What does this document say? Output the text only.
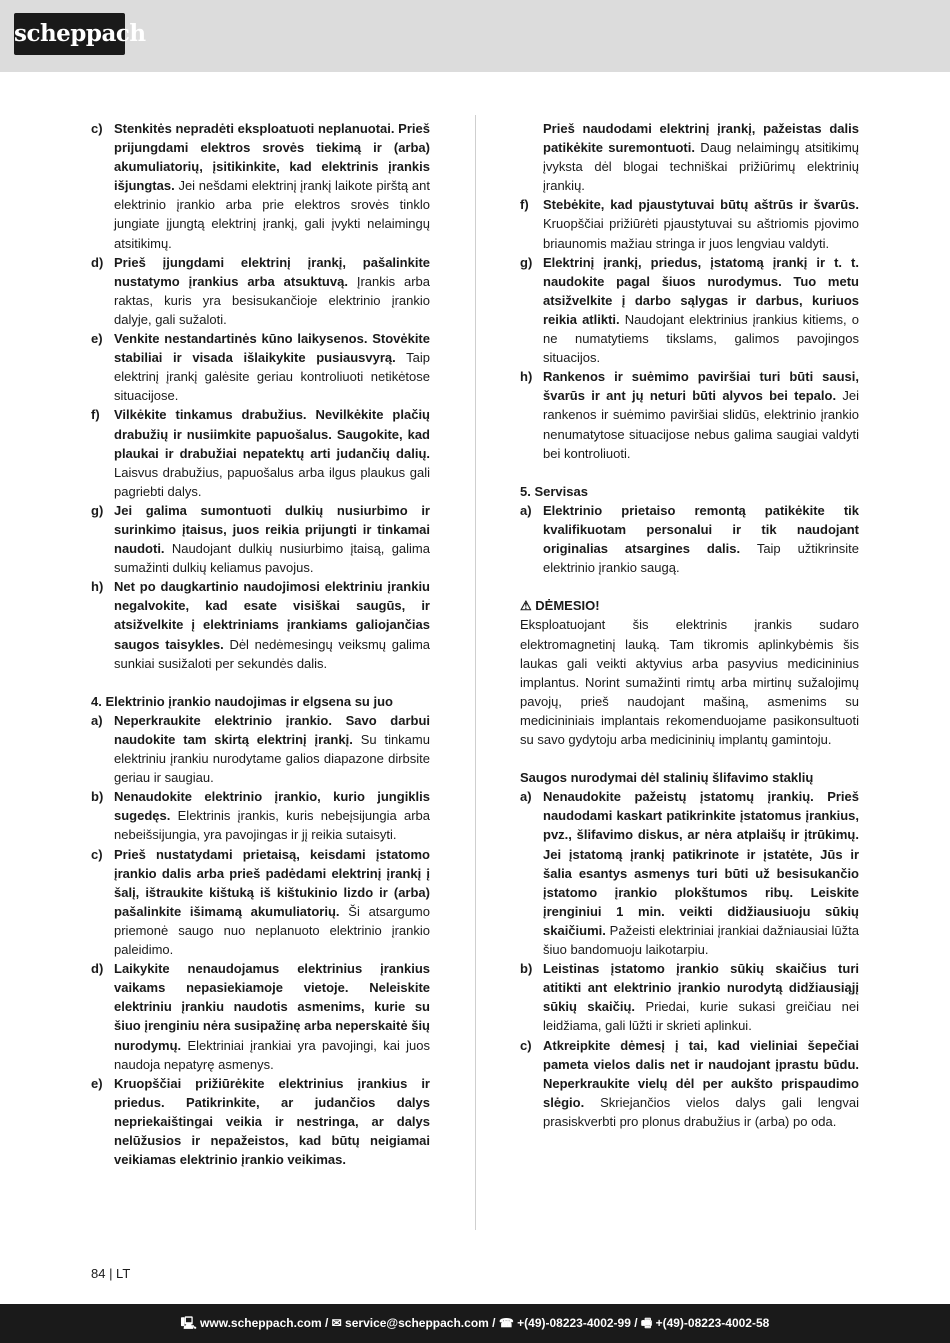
scheppach
c) Stenkitės nepradėti eksploatuoti neplanuotai. Prieš prijungdami elektros srovės tiekimą ir (arba) akumuliatorių, įsitikinkite, kad elektrinis įrankis išjungtas. Jei nešdami elektrinį įrankį laikote pirštą ant elektrinio įrankio arba prie elektros srovės tinklo jungiate įjungtą elektrinį įrankį, gali įvykti nelaimingų atsitikimų.
d) Prieš įjungdami elektrinį įrankį, pašalinkite nustatymo įrankius arba atsuktuvą. Įrankis arba raktas, kuris yra besisukančioje elektrinio įrankio dalyje, gali sužaloti.
e) Venkite nestandartinės kūno laikysenos. Stovėkite stabiliai ir visada išlaikykite pusiausvyrą. Taip elektrinį įrankį galėsite geriau kontroliuoti netikėtose situacijose.
f) Vilkėkite tinkamus drabužius. Nevilkėkite plačių drabužių ir nusiimkite papuošalus. Saugokite, kad plaukai ir drabužiai nepatektų arti judančių dalių. Laisvus drabužius, papuošalus arba ilgus plaukus gali pagriebti dalys.
g) Jei galima sumontuoti dulkių nusiurbimo ir surinkimo įtaisus, juos reikia prijungti ir tinkamai naudoti. Naudojant dulkių nusiurbimo įtaisą, galima sumažinti dulkių keliamus pavojus.
h) Net po daugkartinio naudojimosi elektriniu įrankiu negalvokite, kad esate visiškai saugūs, ir atsižvelkite į elektriniams įrankiams galiojančias saugos taisykles. Dėl nedėmesingų veiksmų galima sunkiai susižaloti per sekundės dalis.
4. Elektrinio įrankio naudojimas ir elgsena su juo
a) Neperkraukite elektrinio įrankio. Savo darbui naudokite tam skirtą elektrinį įrankį. Su tinkamu elektriniu įrankiu nurodytame galios diapazone dirbsite geriau ir saugiau.
b) Nenaudokite elektrinio įrankio, kurio jungiklis sugedęs. Elektrinis įrankis, kuris nebeįsijungia arba nebeišsijungia, yra pavojingas ir jį reikia sutaisyti.
c) Prieš nustatydami prietaisą, keisdami įstatomo įrankio dalis arba prieš padėdami elektrinį įrankį į šalį, ištraukite kištuką iš kištukinio lizdo ir (arba) pašalinkite išimamą akumuliatorių. Ši atsargumo priemonė saugo nuo neplanuoto elektrinio įrankio paleidimo.
d) Laikykite nenaudojamus elektrinius įrankius vaikams nepasiekiamoje vietoje. Neleiskite elektriniu įrankiu naudotis asmenims, kurie su šiuo įrenginiu nėra susipažinę arba neperskaitė šių nurodymų. Elektriniai įrankiai yra pavojingi, kai juos naudoja nepatyrę asmenys.
e) Kruopščiai prižiūrėkite elektrinius įrankius ir priedus. Patikrinkite, ar judančios dalys nepriekaištingai veikia ir nestringa, ar dalys nelūžusios ir nepažeistos, kad būtų neigiamai veikiamas elektrinio įrankio veikimas.
Prieš naudodami elektrinį įrankį, pažeistas dalis patikėkite suremontuoti. Daug nelaimingų atsitikimų įvyksta dėl blogai techniškai prižiūrimų elektrinių įrankių.
f) Stebėkite, kad pjaustytuvai būtų aštrūs ir švarūs. Kruopščiai prižiūrėti pjaustytuvai su aštriomis pjovimo briaunomis mažiau stringa ir juos lengviau valdyti.
g) Elektrinį įrankį, priedus, įstatomą įrankį ir t. t. naudokite pagal šiuos nurodymus. Tuo metu atsižvelkite į darbo sąlygas ir darbus, kuriuos reikia atlikti. Naudojant elektrinius įrankius kitiems, o ne numatytiems tikslams, galimos pavojingos situacijos.
h) Rankenos ir suėmimo paviršiai turi būti sausi, švarūs ir ant jų neturi būti alyvos bei tepalo. Jei rankenos ir suėmimo paviršiai slidūs, elektrinio įrankio nenumatytose situacijose nebus galima saugiai valdyti bei kontroliuoti.
5. Servisas
a) Elektrinio prietaiso remontą patikėkite tik kvalifikuotam personalui ir tik naudojant originalias atsargines dalis. Taip užtikrinsite elektrinio įrankio saugą.
⚠ DĖMESIO!
Eksploatuojant šis elektrinis įrankis sudaro elektromagnetinį lauką. Tam tikromis aplinkybėmis šis laukas gali veikti aktyvius arba pasyvius medicininius implantus. Norint sumažinti rimtų arba mirtinų sužalojimų pavojų, prieš naudojant mašiną, asmenims su medicininiais implantais rekomenduojame pasikonsultuoti su savo gydytoju arba medicininių implantų gamintoju.
Saugos nurodymai dėl stalinių šlifavimo staklių
a) Nenaudokite pažeistų įstatomų įrankių. Prieš naudodami kaskart patikrinkite įstatomus įrankius, pvz., šlifavimo diskus, ar nėra atplaišų ir įtrūkimų. Jei įstatomą įrankį patikrinote ir įstatėte, Jūs ir šalia esantys asmenys turi būti už besisukančio įstatomo įrankio plokštumos ribų. Leiskite įrenginiui 1 min. veikti didžiausiuoju sūkių skaičiumi. Pažeisti elektriniai įrankiai dažniausiai lūžta šiuo bandomuoju laikotarpiu.
b) Leistinas įstatomo įrankio sūkių skaičius turi atitikti ant elektrinio įrankio nurodytą didžiausiąjį sūkių skaičių. Priedai, kurie sukasi greičiau nei leidžiama, gali lūžti ir skrieti aplinkui.
c) Atkreipkite dėmesį į tai, kad vieliniai šepečiai pameta vielos dalis net ir naudojant įprastu būdu. Neperkraukite vielų dėl per aukšto prispaudimo slėgio. Skriejančios vielos dalys gali lengvai prasiskverbti pro plonus drabužius ir (arba) po oda.
84 | LT
🖳︎ www.scheppach.com / ✉︎ service@scheppach.com / ☎︎ +(49)-08223-4002-99 / 🖷︎ +(49)-08223-4002-58
